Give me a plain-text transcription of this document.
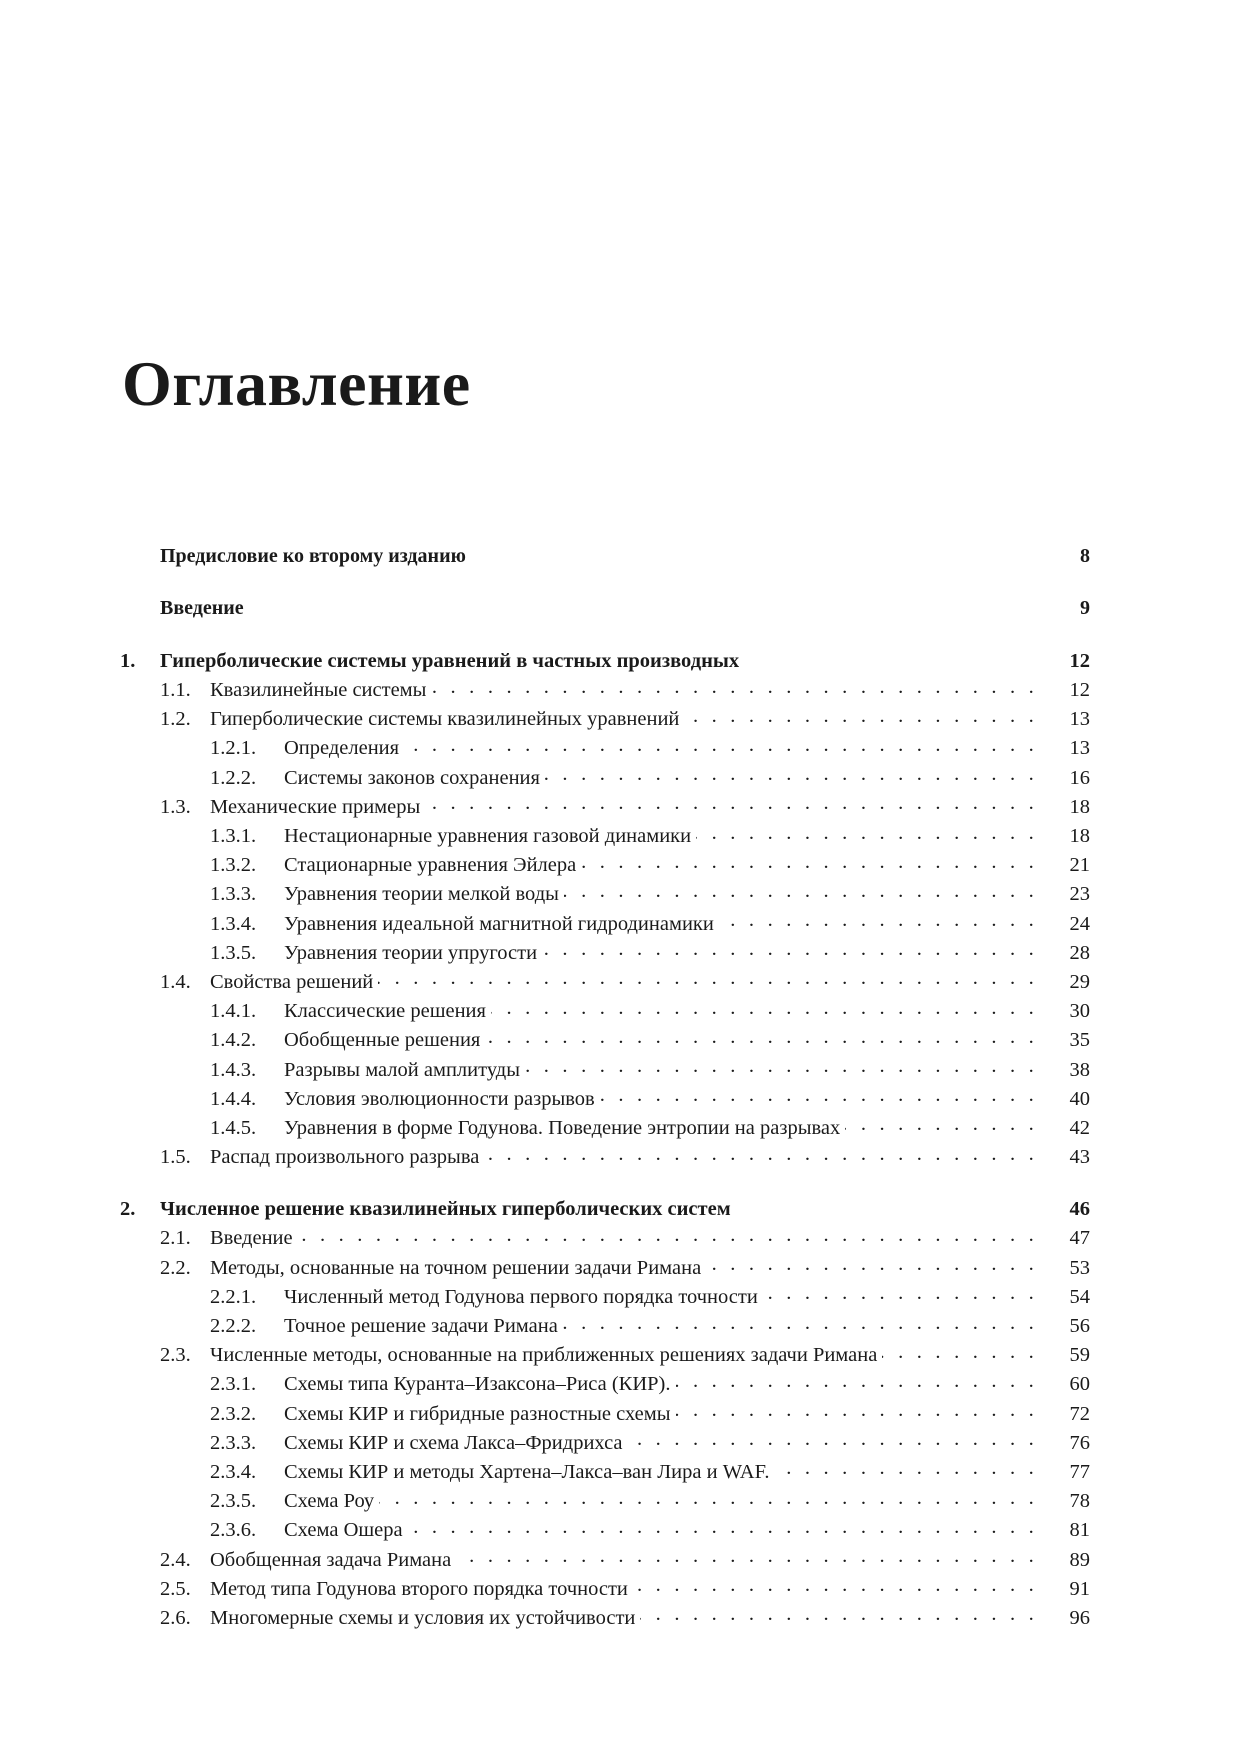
Оглавление
Предисловие ко второму изданию	8
Введение	9
1.	Гиперболические системы уравнений в частных производных	12
1.1. Квазилинейные системы . . .	12
1.2. Гиперболические системы квазилинейных уравнений . . .	13
1.2.1.	Определения . . .	13
1.2.2.	Системы законов сохранения . . .	16
1.3. Механические примеры . . .	18
1.3.1.	Нестационарные уравнения газовой динамики . . .	18
1.3.2.	Стационарные уравнения Эйлера . . .	21
1.3.3.	Уравнения теории мелкой воды . . .	23
1.3.4.	Уравнения идеальной магнитной гидродинамики . . .	24
1.3.5.	Уравнения теории упругости . . .	28
1.4. Свойства решений . . .	29
1.4.1.	Классические решения . . .	30
1.4.2.	Обобщенные решения . . .	35
1.4.3.	Разрывы малой амплитуды . . .	38
1.4.4.	Условия эволюционности разрывов . . .	40
1.4.5.	Уравнения в форме Годунова. Поведение энтропии на разрывах . . .	42
1.5. Распад произвольного разрыва . . .	43
2.	Численное решение квазилинейных гиперболических систем	46
2.1. Введение . . .	47
2.2. Методы, основанные на точном решении задачи Римана . . .	53
2.2.1.	Численный метод Годунова первого порядка точности . . .	54
2.2.2.	Точное решение задачи Римана . . .	56
2.3. Численные методы, основанные на приближенных решениях задачи Римана . . .	59
2.3.1.	Схемы типа Куранта–Изаксона–Риса (КИР). . . .	60
2.3.2.	Схемы КИР и гибридные разностные схемы . . .	72
2.3.3.	Схемы КИР и схема Лакса–Фридрихса . . .	76
2.3.4.	Схемы КИР и методы Хартена–Лакса–ван Лира и WAF. . . .	77
2.3.5.	Схема Роу . . .	78
2.3.6.	Схема Ошера . . .	81
2.4. Обобщенная задача Римана . . .	89
2.5. Метод типа Годунова второго порядка точности . . .	91
2.6. Многомерные схемы и условия их устойчивости . . .	96
